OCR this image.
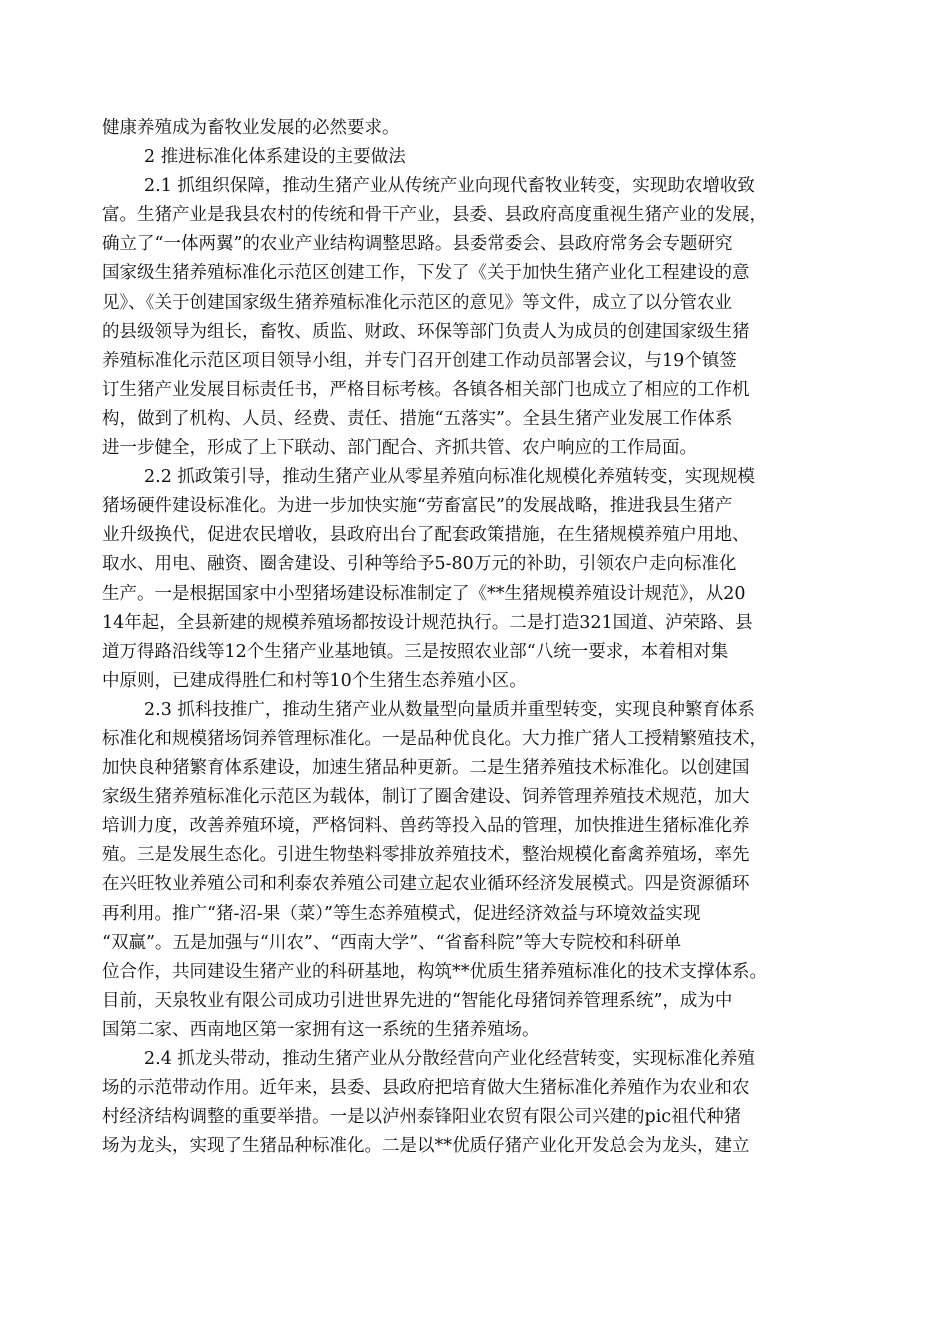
健康养殖成为畜牧业发展的必然要求。
2 推进标准化体系建设的主要做法
2.1 抓组织保障，推动生猪产业从传统产业向现代畜牧业转变，实现助农增收致
富。生猪产业是我县农村的传统和骨干产业，县委、县政府高度重视生猪产业的发展，
确立了“一体两翼”的农业产业结构调整思路。县委常委会、县政府常务会专题研究
国家级生猪养殖标准化示范区创建工作，下发了《关于加快生猪产业化工程建设的意
见》、《关于创建国家级生猪养殖标准化示范区的意见》等文件，成立了以分管农业
的县级领导为组长，畜牧、质监、财政、环保等部门负责人为成员的创建国家级生猪
养殖标准化示范区项目领导小组，并专门召开创建工作动员部署会议，与19个镇签
订生猪产业发展目标责任书，严格目标考核。各镇各相关部门也成立了相应的工作机
构，做到了机构、人员、经费、责任、措施“五落实”。全县生猪产业发展工作体系
进一步健全，形成了上下联动、部门配合、齐抓共管、农户响应的工作局面。
2.2 抓政策引导，推动生猪产业从零星养殖向标准化规模化养殖转变，实现规模
猪场硬件建设标准化。为进一步加快实施“劳畜富民”的发展战略，推进我县生猪产
业升级换代，促进农民增收，县政府出台了配套政策措施，在生猪规模养殖户用地、
取水、用电、融资、圈舍建设、引种等给予5-80万元的补助，引领农户走向标准化
生产。一是根据国家中小型猪场建设标准制定了《**生猪规模养殖设计规范》，从20
14年起，全县新建的规模养殖场都按设计规范执行。二是打造321国道、泸荣路、县
道万得路沿线等12个生猪产业基地镇。三是按照农业部“八统一要求，本着相对集
中原则，已建成得胜仁和村等10个生猪生态养殖小区。
2.3 抓科技推广，推动生猪产业从数量型向量质并重型转变，实现良种繁育体系
标准化和规模猪场饲养管理标准化。一是品种优良化。大力推广猪人工授精繁殖技术，
加快良种猪繁育体系建设，加速生猪品种更新。二是生猪养殖技术标准化。以创建国
家级生猪养殖标准化示范区为载体，制订了圈舍建设、饲养管理养殖技术规范，加大
培训力度，改善养殖环境，严格饲料、兽药等投入品的管理，加快推进生猪标准化养
殖。三是发展生态化。引进生物垫料零排放养殖技术，整治规模化畜禽养殖场，率先
在兴旺牧业养殖公司和利泰农养殖公司建立起农业循环经济发展模式。四是资源循环
再利用。推广“猪-沼-果（菜）”等生态养殖模式，促进经济效益与环境效益实现
“双赢”。五是加强与“川农”、“西南大学”、“省畜科院”等大专院校和科研单
位合作，共同建设生猪产业的科研基地，构筑**优质生猪养殖标准化的技术支撑体系。
目前，天泉牧业有限公司成功引进世界先进的“智能化母猪饲养管理系统”，成为中
国第二家、西南地区第一家拥有这一系统的生猪养殖场。
2.4 抓龙头带动，推动生猪产业从分散经营向产业化经营转变，实现标准化养殖
场的示范带动作用。近年来，县委、县政府把培育做大生猪标准化养殖作为农业和农
村经济结构调整的重要举措。一是以泸州泰锋阳业农贸有限公司兴建的pic祖代种猪
场为龙头，实现了生猪品种标准化。二是以**优质仔猪产业化开发总会为龙头，建立
